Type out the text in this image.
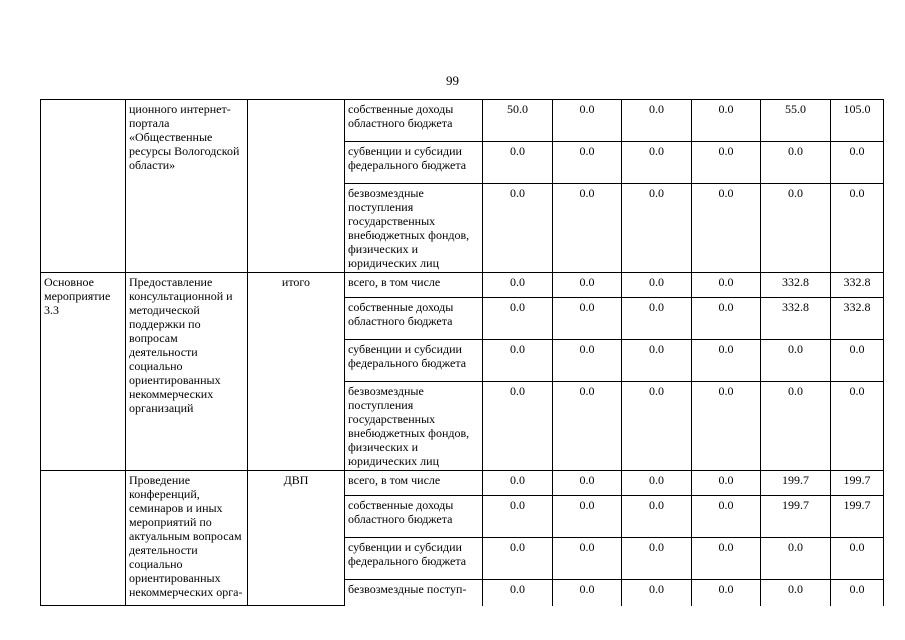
99
	ционного интернет-портала «Общественные ресурсы Вологодской области»		собственные доходы областного бюджета	50.0	0.0	0.0	0.0	55.0	105.0
			субвенции и субсидии федерального бюджета	0.0	0.0	0.0	0.0	0.0	0.0
			безвозмездные поступления государственных внебюджетных фондов, физических и юридических лиц	0.0	0.0	0.0	0.0	0.0	0.0
Основное мероприятие 3.3	Предоставление консультационной и методической поддержки по вопросам деятельности социально ориентированных некоммерческих организаций	итого	всего, в том числе	0.0	0.0	0.0	0.0	332.8	332.8
			собственные доходы областного бюджета	0.0	0.0	0.0	0.0	332.8	332.8
			субвенции и субсидии федерального бюджета	0.0	0.0	0.0	0.0	0.0	0.0
			безвозмездные поступления государственных внебюджетных фондов, физических и юридических лиц	0.0	0.0	0.0	0.0	0.0	0.0
	Проведение конференций, семинаров и иных мероприятий по актуальным вопросам деятельности социально ориентированных некоммерческих орга-	ДВП	всего, в том числе	0.0	0.0	0.0	0.0	199.7	199.7
			собственные доходы областного бюджета	0.0	0.0	0.0	0.0	199.7	199.7
			субвенции и субсидии федерального бюджета	0.0	0.0	0.0	0.0	0.0	0.0
			безвозмездные поступ-	0.0	0.0	0.0	0.0	0.0	0.0
